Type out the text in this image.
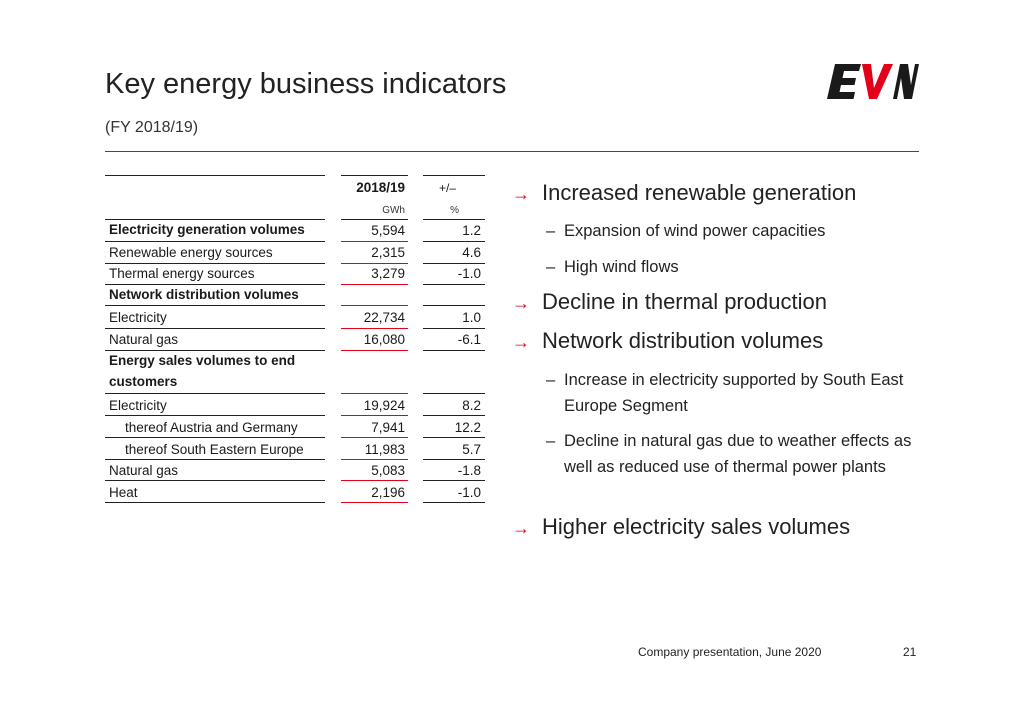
Key energy business indicators
(FY 2018/19)
2018/19	+/–
GWh	%
Electricity generation volumes	5,594	1.2
Renewable energy sources	2,315	4.6
Thermal energy sources	3,279	-1.0
Network distribution volumes
Electricity	22,734	1.0
Natural gas	16,080	-6.1
Energy sales volumes to end
customers
Electricity	19,924	8.2
thereof Austria and Germany	7,941	12.2
thereof South Eastern Europe	11,983	5.7
Natural gas	5,083	-1.8
Heat	2,196	-1.0
→ Increased renewable generation
– Expansion of wind power capacities
– High wind flows
→ Decline in thermal production
→ Network distribution volumes
– Increase in electricity supported by South East Europe Segment
– Decline in natural gas due to weather effects as well as reduced use of thermal power plants
→ Higher electricity sales volumes
Company presentation, June 2020	21
